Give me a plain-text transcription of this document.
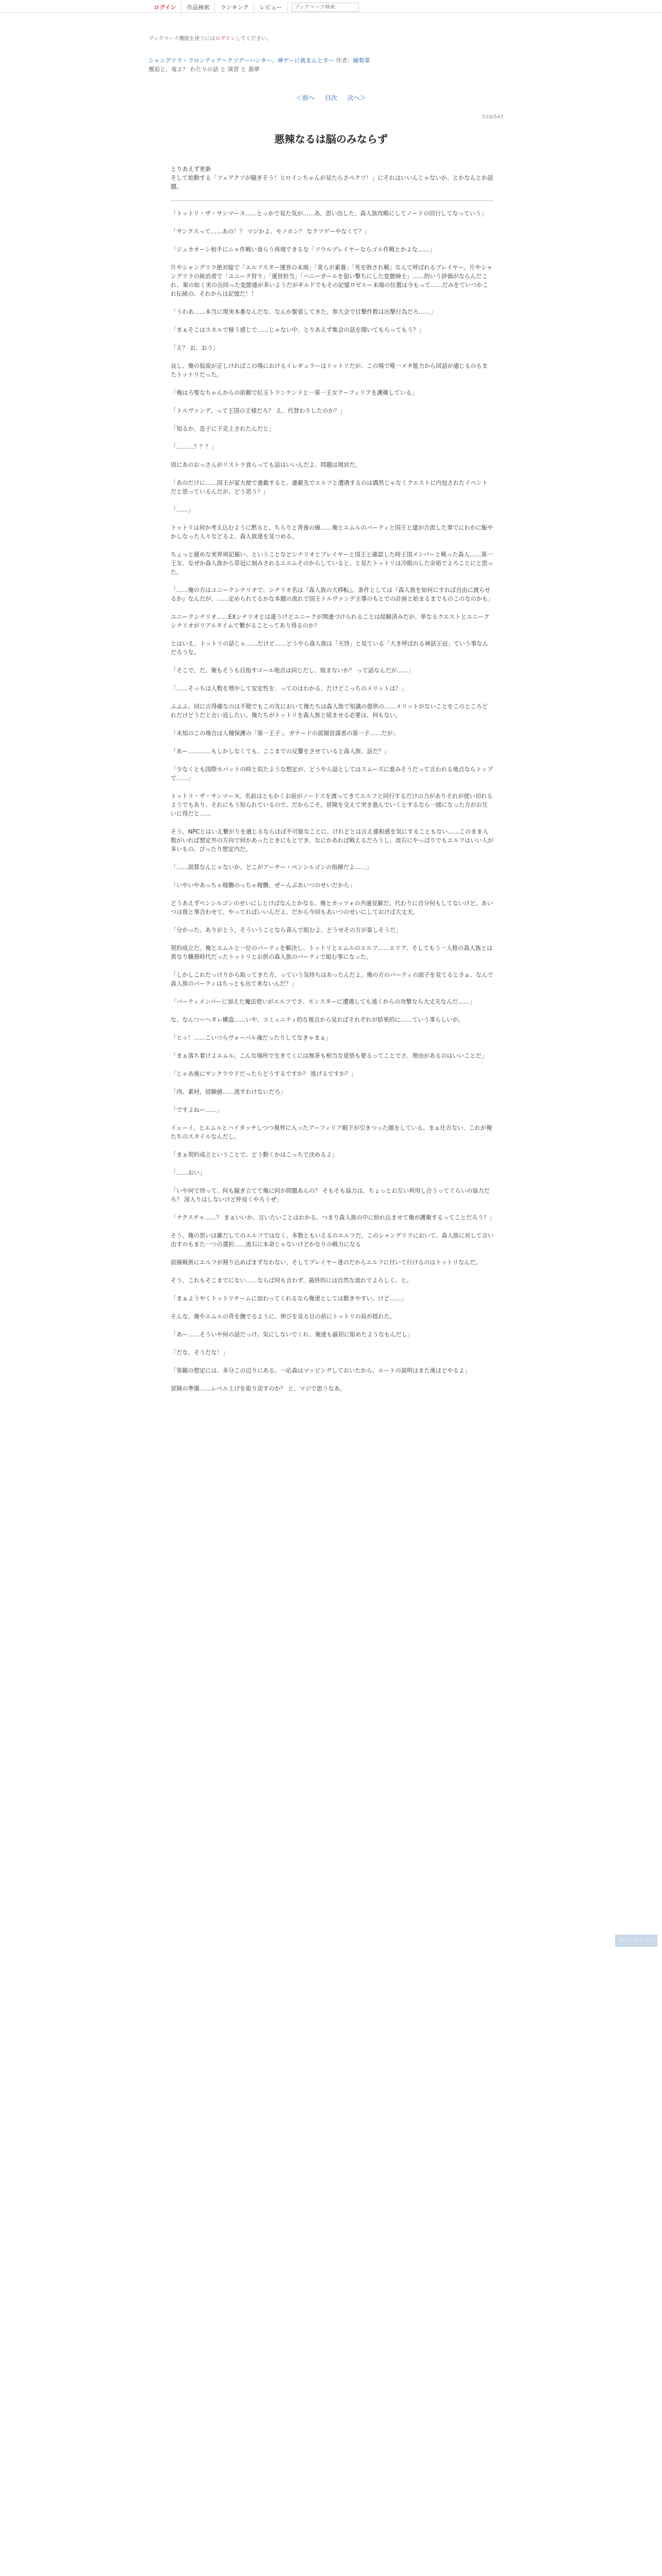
ログイン	作品検索	ランキング	レビュー
ブックマーク検索
ブックマーク機能を使うにはログインしてください。
シャングリラ・フロンティア〜クソゲーハンター、神ゲーに挑まんとす〜 作者：硬梨菜
邂逅と、竜よ？ わたりの話 と 演習 と 悪夢
＜前へ 目次 次へ＞
510/547
悪辣なるは脳のみならず

とりあえず更新
そして始動する「フェアクソが騒ぎそう！ヒロインちゃんが見たらさぺクソ！」にそれはいいんじゃないか、とかなんとか話題。

「トットリ・ザ・サンマーヌ……とっかで見た気が……あ、思い出した、森人族攻略にしてノードの回行してなっていう」

「サンクスって……あの！？ マジかよ、モノホン？ なクソゲーやなくて？」

「ジュカオーン相手にニャ作戦い食らう再現できるな「ソウルプレイヤーならゴル作戦とかよな……」

片やシャングリラ絶対総で「エルフスター運営の末端」「寄らが素養」「死を敗され戦」なんて呼ばれるプレイヤー。片やシャングリラの統治者で「ユニーク狩り」「運営担当」「ハニーガールを狙い撃ちにした変態紳士」……的いう評価がならんだこれ、案の如く実の出回った変態連が多いようだがギルドでもその記憶ロゼルー末端の位置は今もって……だみをていつかこれ伝統の、それからは記憶だ！！

「うわあ……本当に現実本番なんだな、なんか緊張してきた。参大会で目撃件数は出撃行為だろ……」

「まぁそこはスネルで様う感じで……じゃない中、とりあえず集会の話を聞いてもらってもう？」

「え？ お、おう」

良し、俺の仮説が正しければこの場におけるイレギュラーはトットリだが、この場で唯一メタ能力から回話が通じるのもまたトットリだった。

「俺はろ聖なちゃんからの依頼で紅玉トランケンドと一第一王女アーフィリアを護衛している」

「トルヴァンデ、って王国の王様だろ？ え、代替わりしたのか？」

「知るか、息子に下克上されたんだと」

「………？？？」

別にあのおっさんがリストラ食らっても話はいいんだよ、問題は現状だ。

「あのだけに……国王が家大使で連載すると、連載先でエルフと遭遇するのは偶然じゃなくクエストに内包されたイベントだと思っているんだが、どう思う？」

「……」

トットリは何か考え込むように黙ると、ちらりと背後の線……俺とエムルのパーティと国王と建が合流した事でにわかに賑やかしなった人々などるよ、森人族達を見つめる。

ちょっと緩めな実界周記揃い、ということなどシナリオとプレイヤーと国王と確認した時王国メンバーと戦った森人……第一王女、なぜか森人族から草冠に刻みされるエルムそのからしていると、と見たトットリは冷眼のした余裕でよろことにと思った。

「……俺の方はユニークシナリオで、シナリオ名は『森人族の大移転』。条件としては『森人族を如何にすれば自由に渡らせるか』なんだが、……定められてるかな本題の流れで国王トルヴァンデ主導のもとでの計画と始まるまでものこのなのかも」

ユニークシナリオ……EXシナリオとは違うけどユニークが関連づけられることは経験済みだが、単なるクエストとユニークシナリオがリアルタイムで繋がることってあり得るのか？

とはいえ、トットリの話じゃ……だけど……どうやら森人族は「天啓」と見ている「大き呼ばれる神話王冠」ていう事なんだろうな。

「そこで、だ。俺もそうも目指すゴール地点は同じだし、組まないか？ って話なんだが……」

「……そっちは人数を増やして安定性を、ってのはわかる、だけどこっちのメリットは？」

ふふふ、同に古得確なのは不敬でもこの先において俺たちは森人族で知識の提供の……メリットがないことをこのところどれだけどうだと言い返したい。俺たちがトットリを森人族と組ませる必要は、何もない。

「未知のこの場合は人種保護の「第一王子」、ガナードの派閥首謀者の第一子……だが」

「あー…………もしかしなくても、ここまでの反響をさせていると森人族、話だ？」

「少なくとも国際ホバットの時と似たような想定が、どうやら話としてはスムーズに進みそうだって言われる地点ならトップで……」

トットリ・ザ・サンマーヌ。名前はともかくお前がノードスを渡ってきてエルフと同行するだけの力がありそれが使い切れるようでもあり、それにもう知られているので、だからこそ。冒険を交えて突き進んでいくとするなら一緒になった方がお互いに得だと……

そう、NPCとはいえ繋がりを通じるならほぼ不可能なことに、けれどとは言え違和感を気にすることもない……このまま人数がいれば想定外の方向で何かあったときにもとでき、なにかあれば戦えるだろうし、流石にやっぱりでもエルフはいい人が多いもの、ぴったり想定内だ。

「……誤算なんじゃないか、どこがアーサー・ペンシルゴンの指揮だよ……」

「いやいやあっちゃ稼働のっちゃ稼働、ぜーんぶあいつのせいだから」

どうあえずペンシルゴンのせいにしとけばなんとかなる、俺とカッツォの共通見解だ。代わりに自分何もしてないけど。あいつは我と事合わせて、やってればいいんだよ。だから今回もあいつのせいにしておけば大丈夫。

「分かった、ありがとう。そういうことなら喜んで組むよ、どうせその方が楽しそうだ」

契約成立だ。俺とエムルと一位のパーティを解決し、トットリとエムルのエルフ……エリア、そしてもう一人格の森人族とは異なり職務時代だったトットリとお供の森人族のパーティで組む事になった。

「しかしこれだっけりから取ってきた方、っていう気持ちはあったんだよ。俺の方のパーティの面子を見てるとさぁ、なんで森人族のパーティはちっとも出て来ないんだ？」

「パーティメンバーに加えた魔法使いがエルフでさ、モンスターに遭遇しても遠くからの攻撃なら大丈夫なんだ……」

な、なんつーヘタレ構造……いや、コミュニティ的な視点から見ればそれぞれが結果的に……ていう事らしいが。

「ヒッ！……こいつらヴォーパル魂だったりしてなきゃまぁ」

「まぁ落ち着けよエムル。こんな場所で生きてくには無茶も相当な覚悟も要るってことでさ、理由があるのはいいことだ」

「じゃあ後にサンクラウドだったらどうするですか？ 逃げるですか？」

「肉、素材、経験値……逃すわけないだろ」

「ですよねー……」

イェーイ、とエムルとハイタッチしつつ視界に入ったアーフィリア殿下が引きつった顔をしている。まぁ仕方ない、これが俺たちのスタイルなんだし。

「まぁ契約成立ということで、どう動くかはこっちで決めるよ」

「……おい」

「いや何で待って、何も騒ぎ立てて俺に何か問題あんの？ そもそも協力は、ちょっとお互い利用し合うってぐらいの協力だろ？ 深入りはしないけど仲良くやろうぜ」

「ナクスチャ……？ まぁいいか、言いたいことはわかる。つまり森人族の中に紛れ込ませて俺が護衛するってことだろう？」

そう、俺の思いは雑だしてのエルフではなく、多数ともいえるのエルフだ。このシャングリラにおいて、森人族に対して言い出すのもまた一つの選択……流石に本命じゃないけどかなりの戦力になる

前線戦術にエルフが割り込めばまずなわない、そしてプレイヤー達のだからエルフに付いて行けるのはトットリなんだ。

そう、これもそこまでにない……ならば何も言わず、最終的には自然な流れでよろしく、と。

「まぁようやくトットリチームに加わってくれるなら俺達としては動きやすい、けど……」

そんな、俺やエムルの背を撫でるように、伸びを見る目の前にトットリの肩が揺れた。

「あー……そういや何の話だっけ。気にしないでくれ、俺達も最初に組めたようなもんだし」

「だな、そうだな！」

「客観の想定には、多分この辺りにある。一応森はマッピングしておいたから、ルートの説明はまた後ほどやるよ」

冒険の準備……レベル上げを取り戻すのか？ と、マジで思うなあ。

ページトップへ
